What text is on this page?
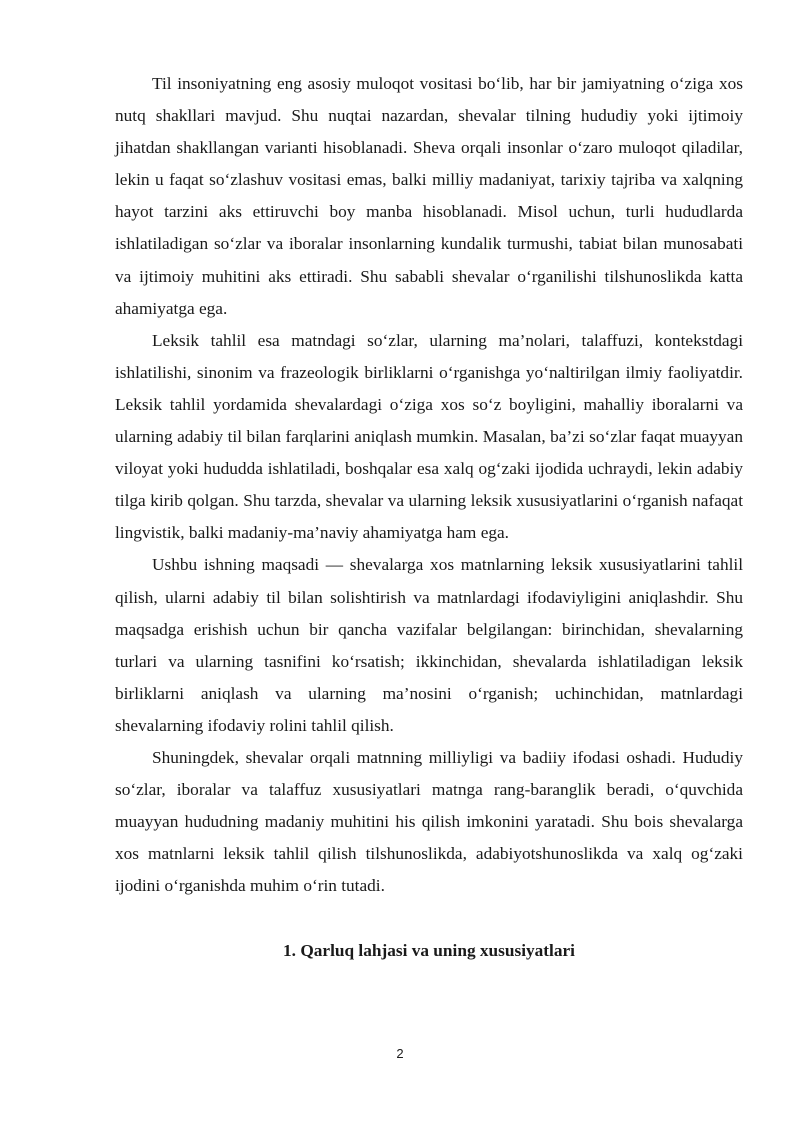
Til insoniyatning eng asosiy muloqot vositasi bo‘lib, har bir jamiyatning o‘ziga xos nutq shakllari mavjud. Shu nuqtai nazardan, shevalar tilning hududiy yoki ijtimoiy jihatdan shakllangan varianti hisoblanadi. Sheva orqali insonlar o‘zaro muloqot qiladilar, lekin u faqat so‘zlashuv vositasi emas, balki milliy madaniyat, tarixiy tajriba va xalqning hayot tarzini aks ettiruvchi boy manba hisoblanadi. Misol uchun, turli hududlarda ishlatiladigan so‘zlar va iboralar insonlarning kundalik turmushi, tabiat bilan munosabati va ijtimoiy muhitini aks ettiradi. Shu sababli shevalar o‘rganilishi tilshunoslikda katta ahamiyatga ega.

Leksik tahlil esa matndagi so‘zlar, ularning ma’nolari, talaffuzi, kontekstdagi ishlatilishi, sinonim va frazeologik birliklarni o‘rganishga yo‘naltirilgan ilmiy faoliyatdir. Leksik tahlil yordamida shevalardagi o‘ziga xos so‘z boyligini, mahalliy iboralarni va ularning adabiy til bilan farqlarini aniqlash mumkin. Masalan, ba’zi so‘zlar faqat muayyan viloyat yoki hududda ishlatiladi, boshqalar esa xalq og‘zaki ijodida uchraydi, lekin adabiy tilga kirib qolgan. Shu tarzda, shevalar va ularning leksik xususiyatlarini o‘rganish nafaqat lingvistik, balki madaniy-ma’naviy ahamiyatga ham ega.

Ushbu ishning maqsadi — shevalarga xos matnlarning leksik xususiyatlarini tahlil qilish, ularni adabiy til bilan solishtirish va matnlardagi ifodaviyligini aniqlashdir. Shu maqsadga erishish uchun bir qancha vazifalar belgilangan: birinchidan, shevalarning turlari va ularning tasnifini ko‘rsatish; ikkinchidan, shevalarda ishlatiladigan leksik birliklarni aniqlash va ularning ma’nosini o‘rganish; uchinchidan, matnlardagi shevalarning ifodaviy rolini tahlil qilish.

Shuningdek, shevalar orqali matnning milliyligi va badiiy ifodasi oshadi. Hududiy so‘zlar, iboralar va talaffuz xususiyatlari matnga rang-baranglik beradi, o‘quvchida muayyan hududning madaniy muhitini his qilish imkonini yaratadi. Shu bois shevalarga xos matnlarni leksik tahlil qilish tilshunoslikda, adabiyotshunoslikda va xalq og‘zaki ijodini o‘rganishda muhim o‘rin tutadi.

1. Qarluq lahjasi va uning xususiyatlari

2
